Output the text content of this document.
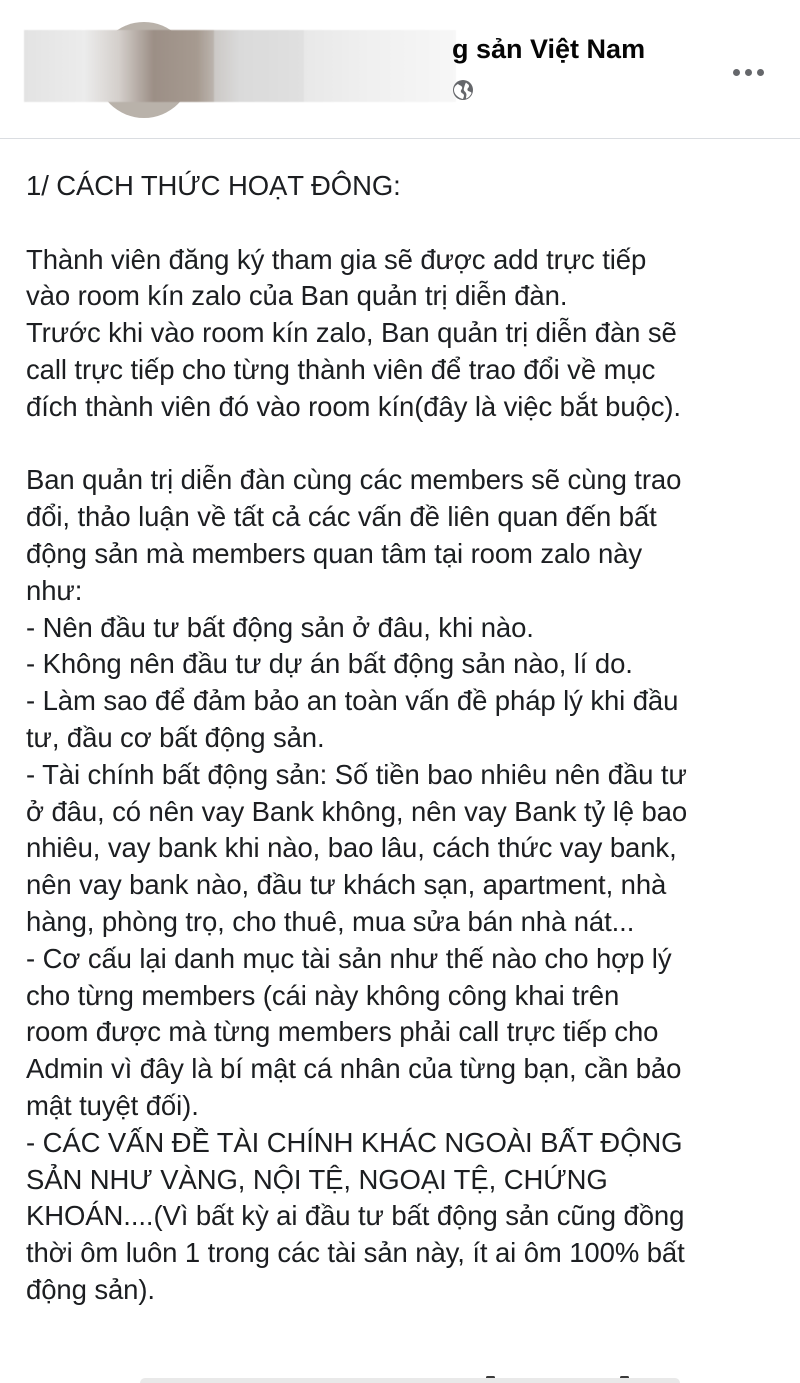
g sản Việt Nam

1/ CÁCH THỨC HOẠT ĐÔNG:

Thành viên đăng ký tham gia sẽ được add trực tiếp

vào room kín zalo của Ban quản trị diễn đàn.

Trước khi vào room kín zalo, Ban quản trị diễn đàn sẽ

call trực tiếp cho từng thành viên để trao đổi về mục

đích thành viên đó vào room kín(đây là việc bắt buộc).

Ban quản trị diễn đàn cùng các members sẽ cùng trao

đổi, thảo luận về tất cả các vấn đề liên quan đến bất

động sản mà members quan tâm tại room zalo này

như:

- Nên đầu tư bất động sản ở đâu, khi nào.

- Không nên đầu tư dự án bất động sản nào, lí do.

- Làm sao để đảm bảo an toàn vấn đề pháp lý khi đầu

tư, đầu cơ bất động sản.

- Tài chính bất động sản: Số tiền bao nhiêu nên đầu tư

ở đâu, có nên vay Bank không, nên vay Bank tỷ lệ bao

nhiêu, vay bank khi nào, bao lâu, cách thức vay bank,

nên vay bank nào, đầu tư khách sạn, apartment, nhà

hàng, phòng trọ, cho thuê, mua sửa bán nhà nát...

- Cơ cấu lại danh mục tài sản như thế nào cho hợp lý

cho từng members (cái này không công khai trên

room được mà từng members phải call trực tiếp cho

Admin vì đây là bí mật cá nhân của từng bạn, cần bảo

mật tuyệt đối).

- CÁC VẤN ĐỀ TÀI CHÍNH KHÁC NGOÀI BẤT ĐỘNG

SẢN NHƯ VÀNG, NỘI TỆ, NGOẠI TỆ, CHỨNG

KHOÁN....(Vì bất kỳ ai đầu tư bất động sản cũng đồng

thời ôm luôn 1 trong các tài sản này, ít ai ôm 100% bất

động sản).
